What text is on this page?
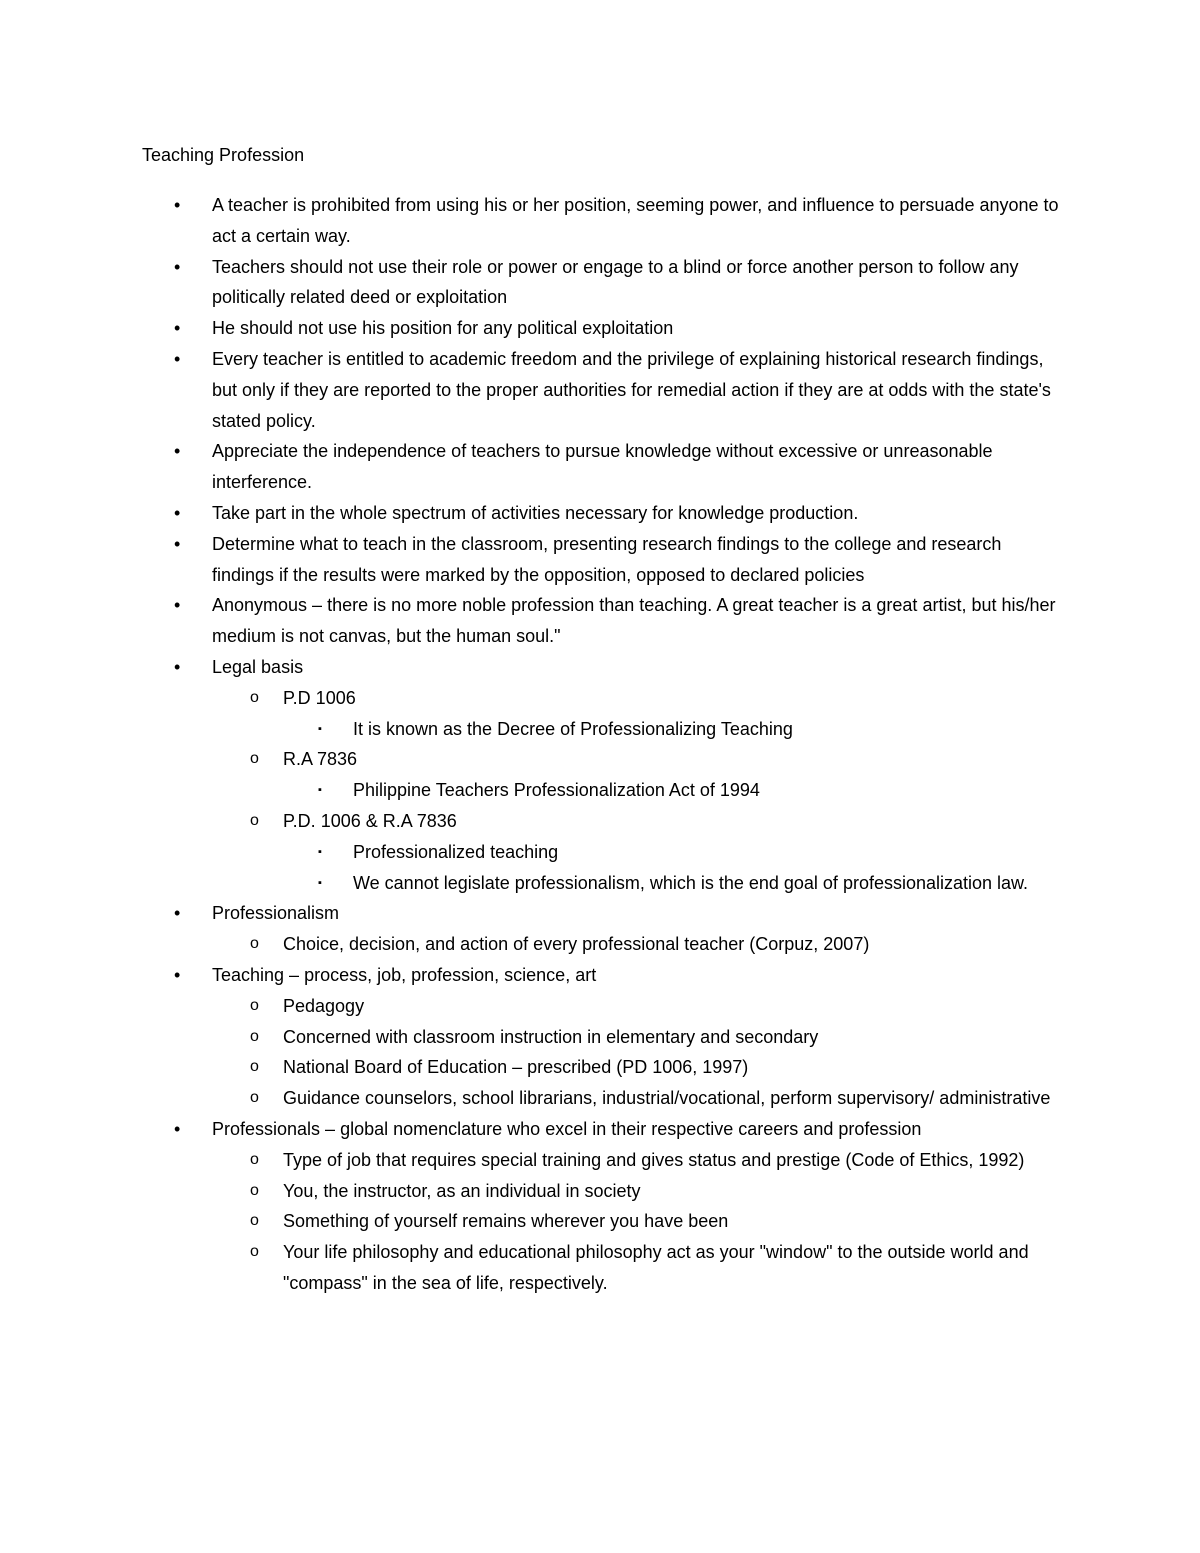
Teaching Profession
• A teacher is prohibited from using his or her position, seeming power, and influence to persuade anyone to act a certain way.
• Teachers should not use their role or power or engage to a blind or force another person to follow any politically related deed or exploitation
• He should not use his position for any political exploitation
• Every teacher is entitled to academic freedom and the privilege of explaining historical research findings, but only if they are reported to the proper authorities for remedial action if they are at odds with the state's stated policy.
• Appreciate the independence of teachers to pursue knowledge without excessive or unreasonable interference.
• Take part in the whole spectrum of activities necessary for knowledge production.
• Determine what to teach in the classroom, presenting research findings to the college and research findings if the results were marked by the opposition, opposed to declared policies
• Anonymous – there is no more noble profession than teaching. A great teacher is a great artist, but his/her medium is not canvas, but the human soul."
• Legal basis
o P.D 1006
▪ It is known as the Decree of Professionalizing Teaching
o R.A 7836
▪ Philippine Teachers Professionalization Act of 1994
o P.D. 1006 & R.A 7836
▪ Professionalized teaching
▪ We cannot legislate professionalism, which is the end goal of professionalization law.
• Professionalism
o Choice, decision, and action of every professional teacher (Corpuz, 2007)
• Teaching – process, job, profession, science, art
o Pedagogy
o Concerned with classroom instruction in elementary and secondary
o National Board of Education – prescribed (PD 1006, 1997)
o Guidance counselors, school librarians, industrial/vocational, perform supervisory/ administrative
• Professionals – global nomenclature who excel in their respective careers and profession
o Type of job that requires special training and gives status and prestige (Code of Ethics, 1992)
o You, the instructor, as an individual in society
o Something of yourself remains wherever you have been
o Your life philosophy and educational philosophy act as your "window" to the outside world and "compass" in the sea of life, respectively.
